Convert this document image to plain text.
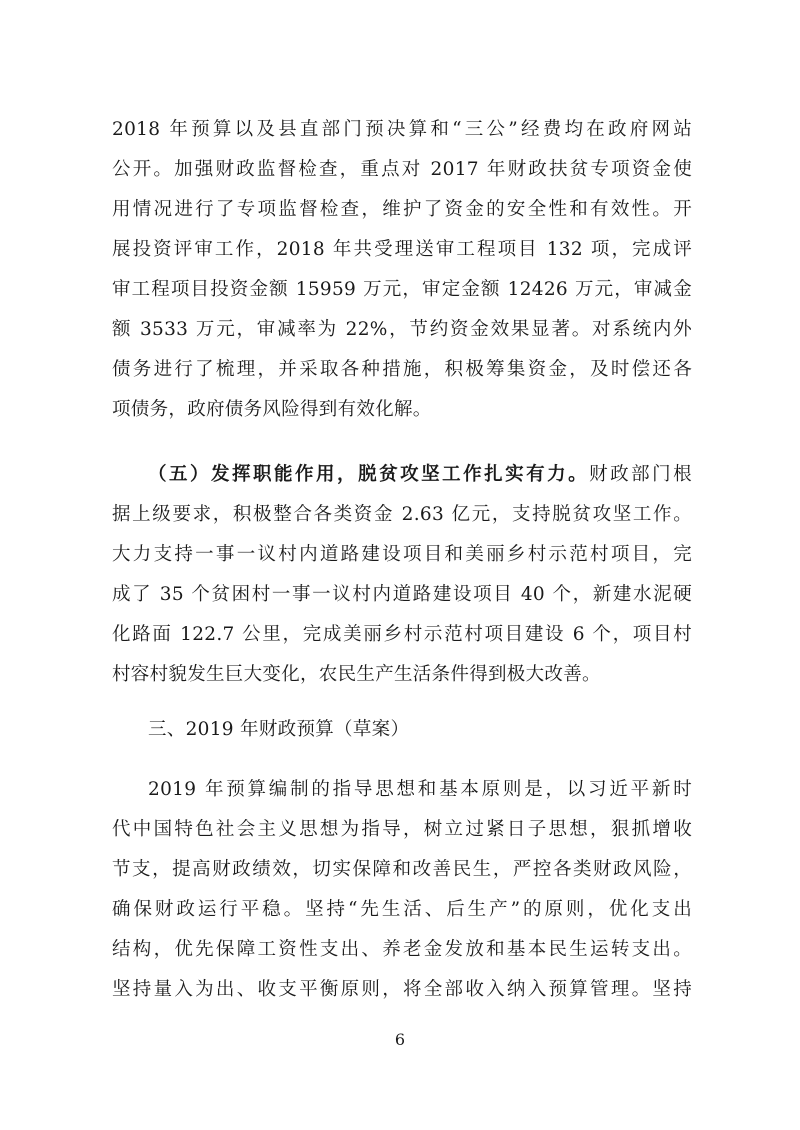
2018 年预算以及县直部门预决算和“三公”经费均在政府网站
公开。加强财政监督检查，重点对 2017 年财政扶贫专项资金使
用情况进行了专项监督检查，维护了资金的安全性和有效性。开
展投资评审工作，2018 年共受理送审工程项目 132 项，完成评
审工程项目投资金额 15959 万元，审定金额 12426 万元，审减金
额 3533 万元，审减率为 22%，节约资金效果显著。对系统内外
债务进行了梳理，并采取各种措施，积极筹集资金，及时偿还各
项债务，政府债务风险得到有效化解。
（五）发挥职能作用，脱贫攻坚工作扎实有力。财政部门根
据上级要求，积极整合各类资金 2.63 亿元，支持脱贫攻坚工作。
大力支持一事一议村内道路建设项目和美丽乡村示范村项目，完
成了 35 个贫困村一事一议村内道路建设项目 40 个，新建水泥硬
化路面 122.7 公里，完成美丽乡村示范村项目建设 6 个，项目村
村容村貌发生巨大变化，农民生产生活条件得到极大改善。
三、2019 年财政预算（草案）
2019 年预算编制的指导思想和基本原则是，以习近平新时
代中国特色社会主义思想为指导，树立过紧日子思想，狠抓增收
节支，提高财政绩效，切实保障和改善民生，严控各类财政风险，
确保财政运行平稳。坚持“先生活、后生产”的原则，优化支出
结构，优先保障工资性支出、养老金发放和基本民生运转支出。
坚持量入为出、收支平衡原则，将全部收入纳入预算管理。坚持
6
